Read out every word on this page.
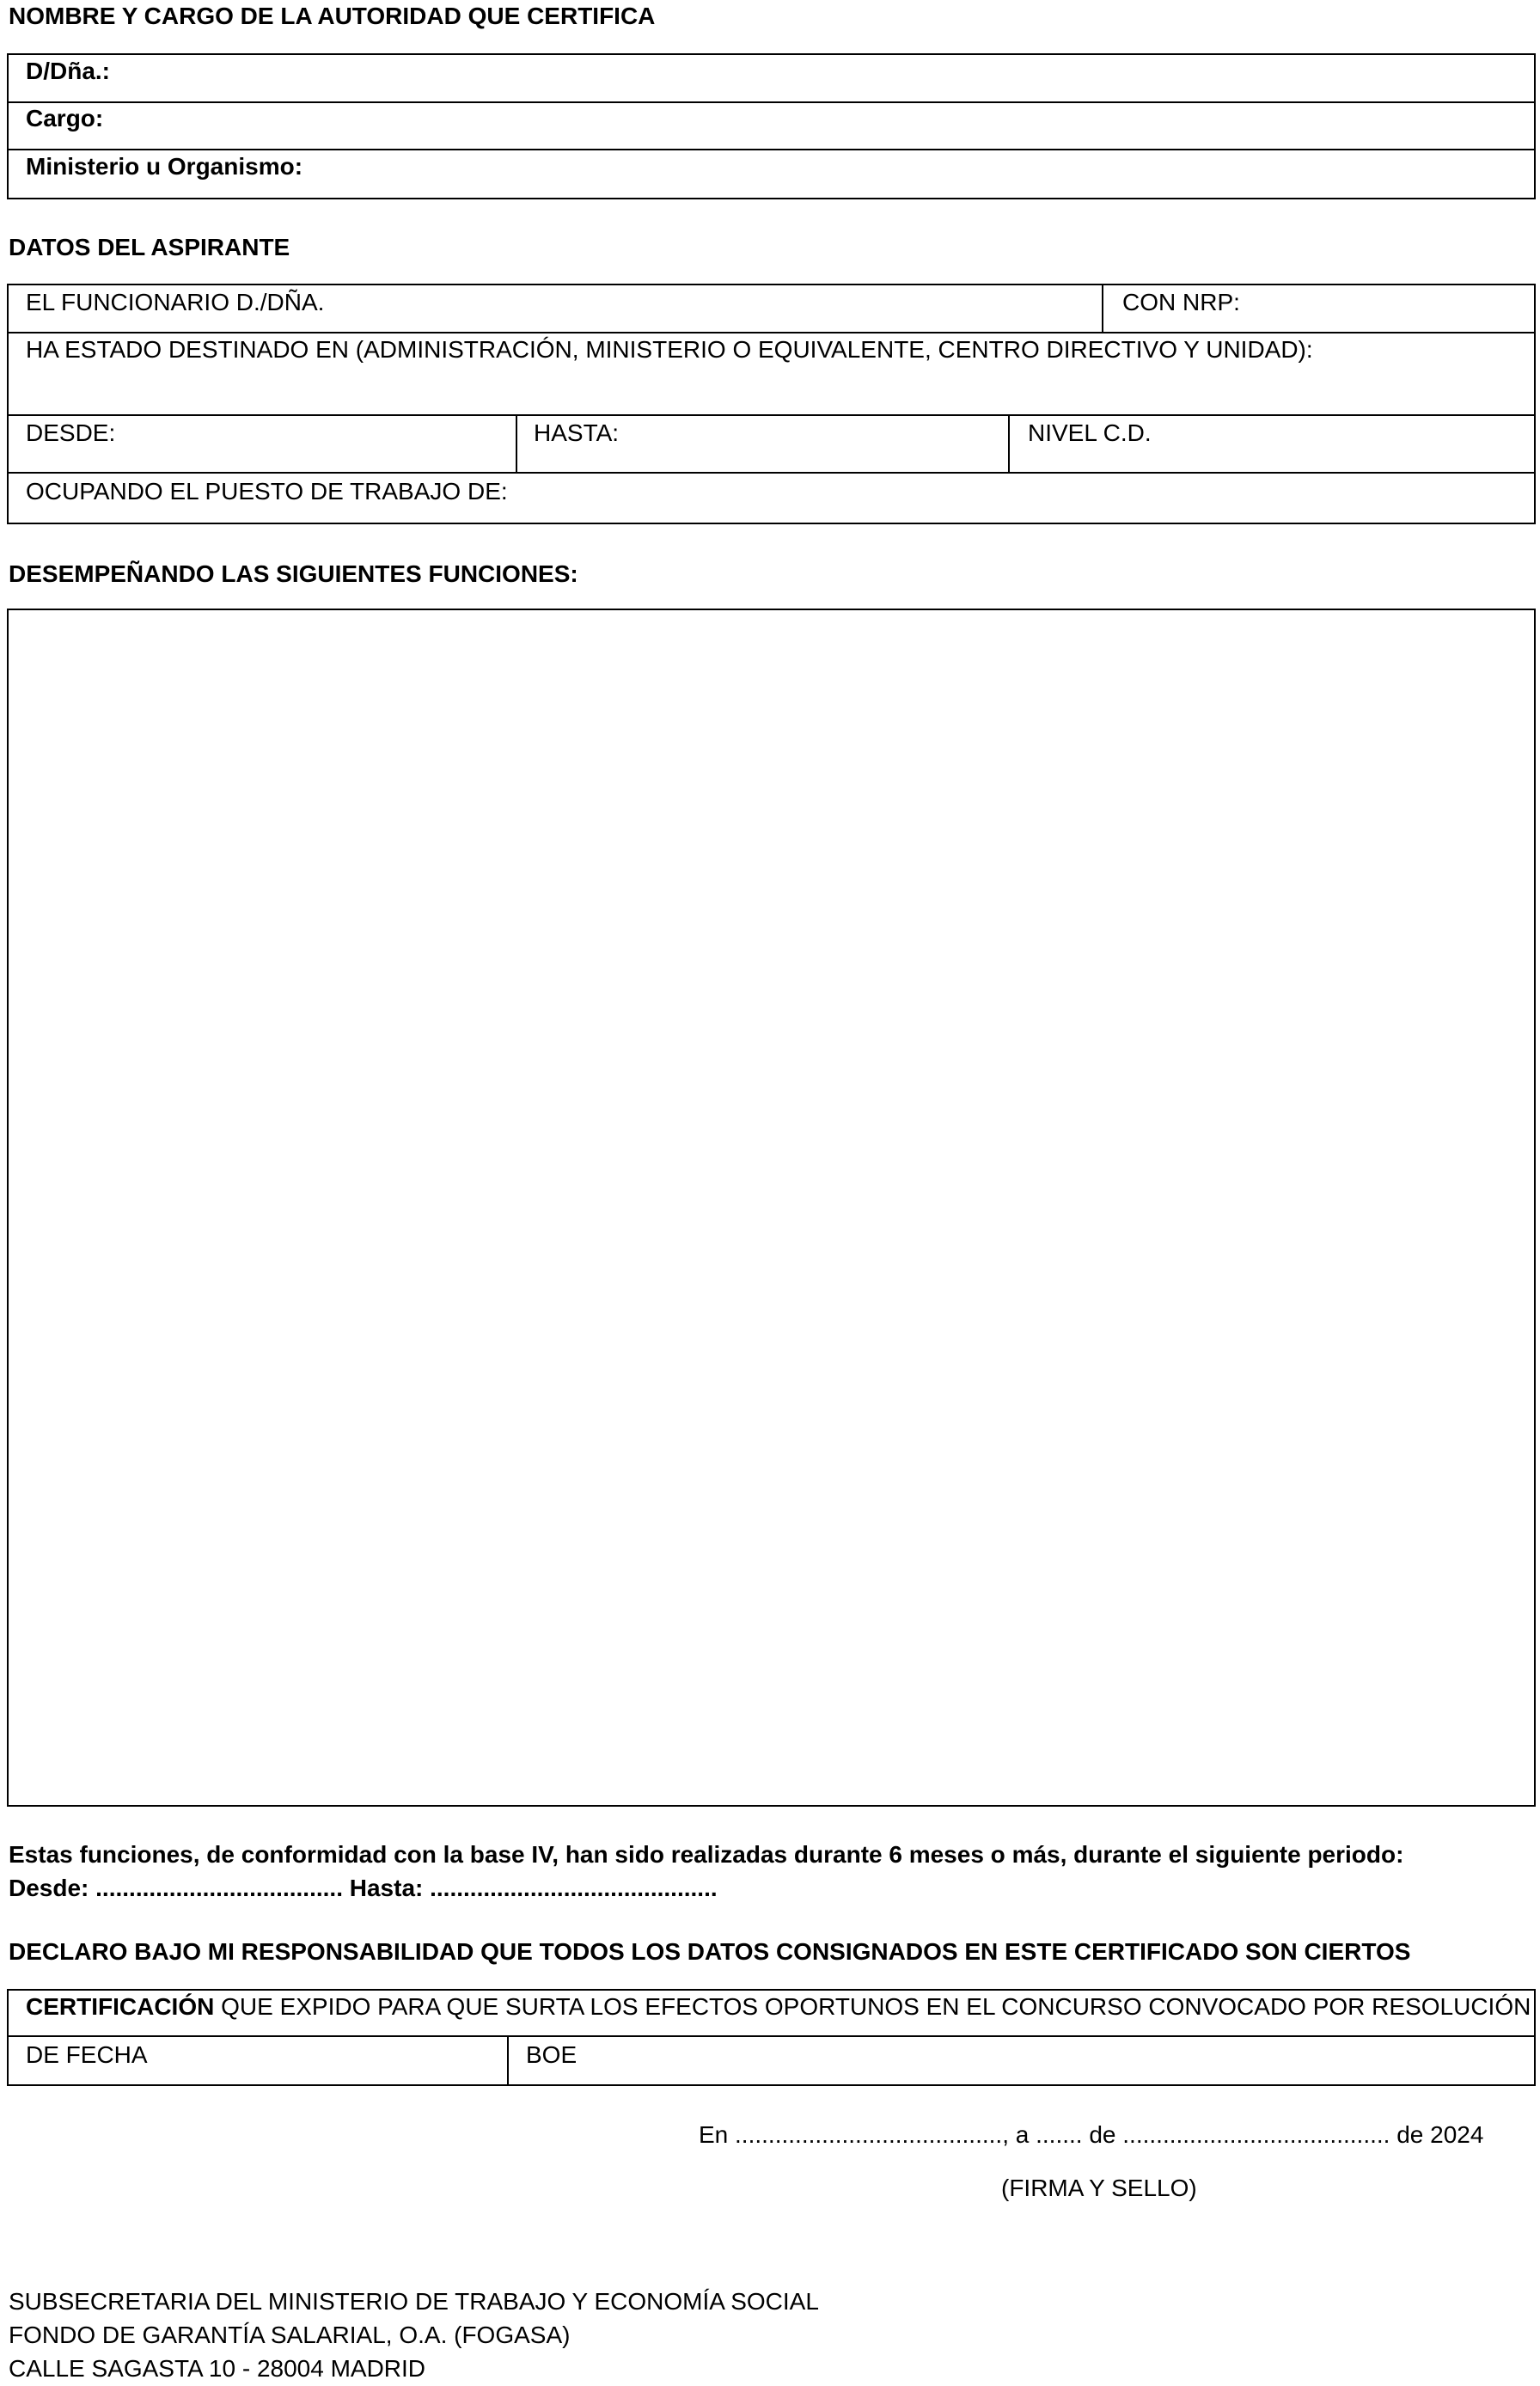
NOMBRE Y CARGO DE LA AUTORIDAD QUE CERTIFICA
D/Dña.:
Cargo:
Ministerio u Organismo:
DATOS DEL ASPIRANTE
EL FUNCIONARIO D./DÑA.	CON NRP:
HA ESTADO DESTINADO EN (ADMINISTRACIÓN, MINISTERIO O EQUIVALENTE, CENTRO DIRECTIVO Y UNIDAD):
DESDE:	HASTA:	NIVEL C.D.
OCUPANDO EL PUESTO DE TRABAJO DE:
DESEMPEÑANDO LAS SIGUIENTES FUNCIONES:
Estas funciones, de conformidad con la base IV, han sido realizadas durante 6 meses o más, durante el siguiente periodo:
Desde: ..................................... Hasta: ...........................................
DECLARO BAJO MI RESPONSABILIDAD QUE TODOS LOS DATOS CONSIGNADOS EN ESTE CERTIFICADO SON CIERTOS
CERTIFICACIÓN QUE EXPIDO PARA QUE SURTA LOS EFECTOS OPORTUNOS EN EL CONCURSO CONVOCADO POR RESOLUCIÓN
DE FECHA	BOE
En ........................................, a ....... de ........................................ de 2024
(FIRMA Y SELLO)
SUBSECRETARIA DEL MINISTERIO DE TRABAJO Y ECONOMÍA SOCIAL
FONDO DE GARANTÍA SALARIAL, O.A. (FOGASA)
CALLE SAGASTA 10 - 28004 MADRID
